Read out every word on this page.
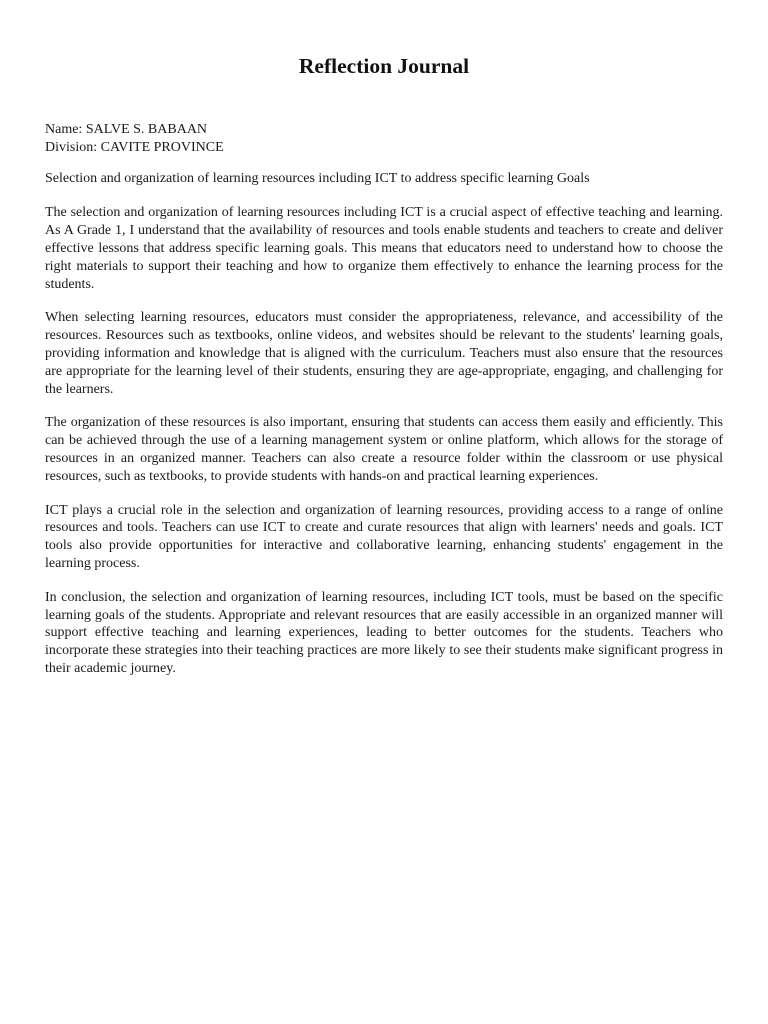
Reflection Journal
Name: SALVE S. BABAAN
Division: CAVITE PROVINCE
Selection and organization of learning resources including ICT to address specific learning Goals

The selection and organization of learning resources including ICT is a crucial aspect of effective teaching and learning. As A Grade 1, I understand that the availability of resources and tools enable students and teachers to create and deliver effective lessons that address specific learning goals. This means that educators need to understand how to choose the right materials to support their teaching and how to organize them effectively to enhance the learning process for the students.

When selecting learning resources, educators must consider the appropriateness, relevance, and accessibility of the resources. Resources such as textbooks, online videos, and websites should be relevant to the students' learning goals, providing information and knowledge that is aligned with the curriculum. Teachers must also ensure that the resources are appropriate for the learning level of their students, ensuring they are age-appropriate, engaging, and challenging for the learners.

The organization of these resources is also important, ensuring that students can access them easily and efficiently. This can be achieved through the use of a learning management system or online platform, which allows for the storage of resources in an organized manner. Teachers can also create a resource folder within the classroom or use physical resources, such as textbooks, to provide students with hands-on and practical learning experiences.

ICT plays a crucial role in the selection and organization of learning resources, providing access to a range of online resources and tools. Teachers can use ICT to create and curate resources that align with learners' needs and goals. ICT tools also provide opportunities for interactive and collaborative learning, enhancing students' engagement in the learning process.

In conclusion, the selection and organization of learning resources, including ICT tools, must be based on the specific learning goals of the students. Appropriate and relevant resources that are easily accessible in an organized manner will support effective teaching and learning experiences, leading to better outcomes for the students. Teachers who incorporate these strategies into their teaching practices are more likely to see their students make significant progress in their academic journey.
